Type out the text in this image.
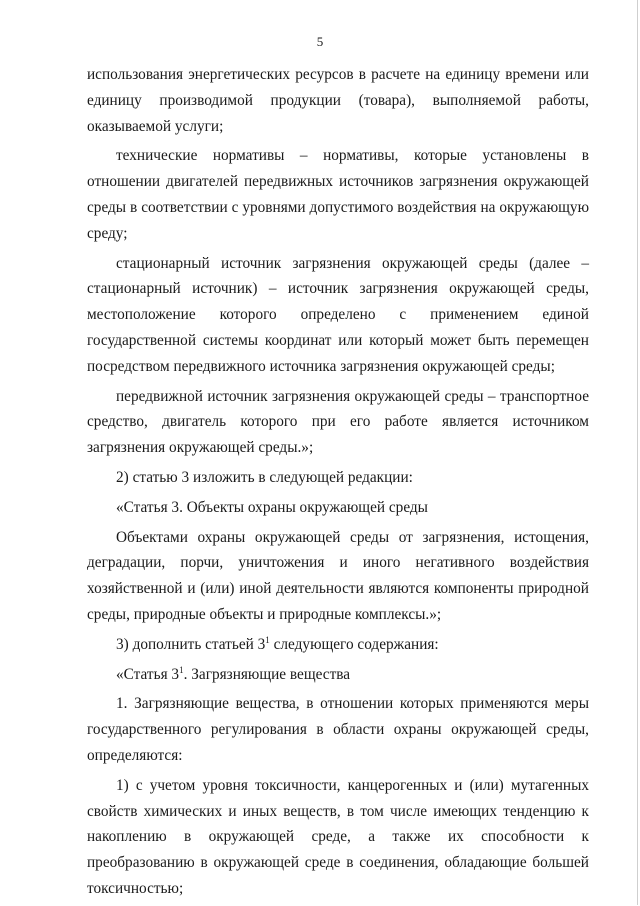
5

использования энергетических ресурсов в расчете на единицу времени или единицу производимой продукции (товара), выполняемой работы, оказываемой услуги;

технические нормативы – нормативы, которые установлены в отношении двигателей передвижных источников загрязнения окружающей среды в соответствии с уровнями допустимого воздействия на окружающую среду;

стационарный источник загрязнения окружающей среды (далее – стационарный источник) – источник загрязнения окружающей среды, местоположение которого определено с применением единой государственной системы координат или который может быть перемещен посредством передвижного источника загрязнения окружающей среды;

передвижной источник загрязнения окружающей среды – транспортное средство, двигатель которого при его работе является источником загрязнения окружающей среды.»;

2) статью 3 изложить в следующей редакции:

«Статья 3. Объекты охраны окружающей среды

Объектами охраны окружающей среды от загрязнения, истощения, деградации, порчи, уничтожения и иного негативного воздействия хозяйственной и (или) иной деятельности являются компоненты природной среды, природные объекты и природные комплексы.»;

3) дополнить статьей $3^1$ следующего содержания:

«Статья $3^1$. Загрязняющие вещества

1. Загрязняющие вещества, в отношении которых применяются меры государственного регулирования в области охраны окружающей среды, определяются:

1) с учетом уровня токсичности, канцерогенных и (или) мутагенных свойств химических и иных веществ, в том числе имеющих тенденцию к накоплению в окружающей среде, а также их способности к преобразованию в окружающей среде в соединения, обладающие большей токсичностью;
